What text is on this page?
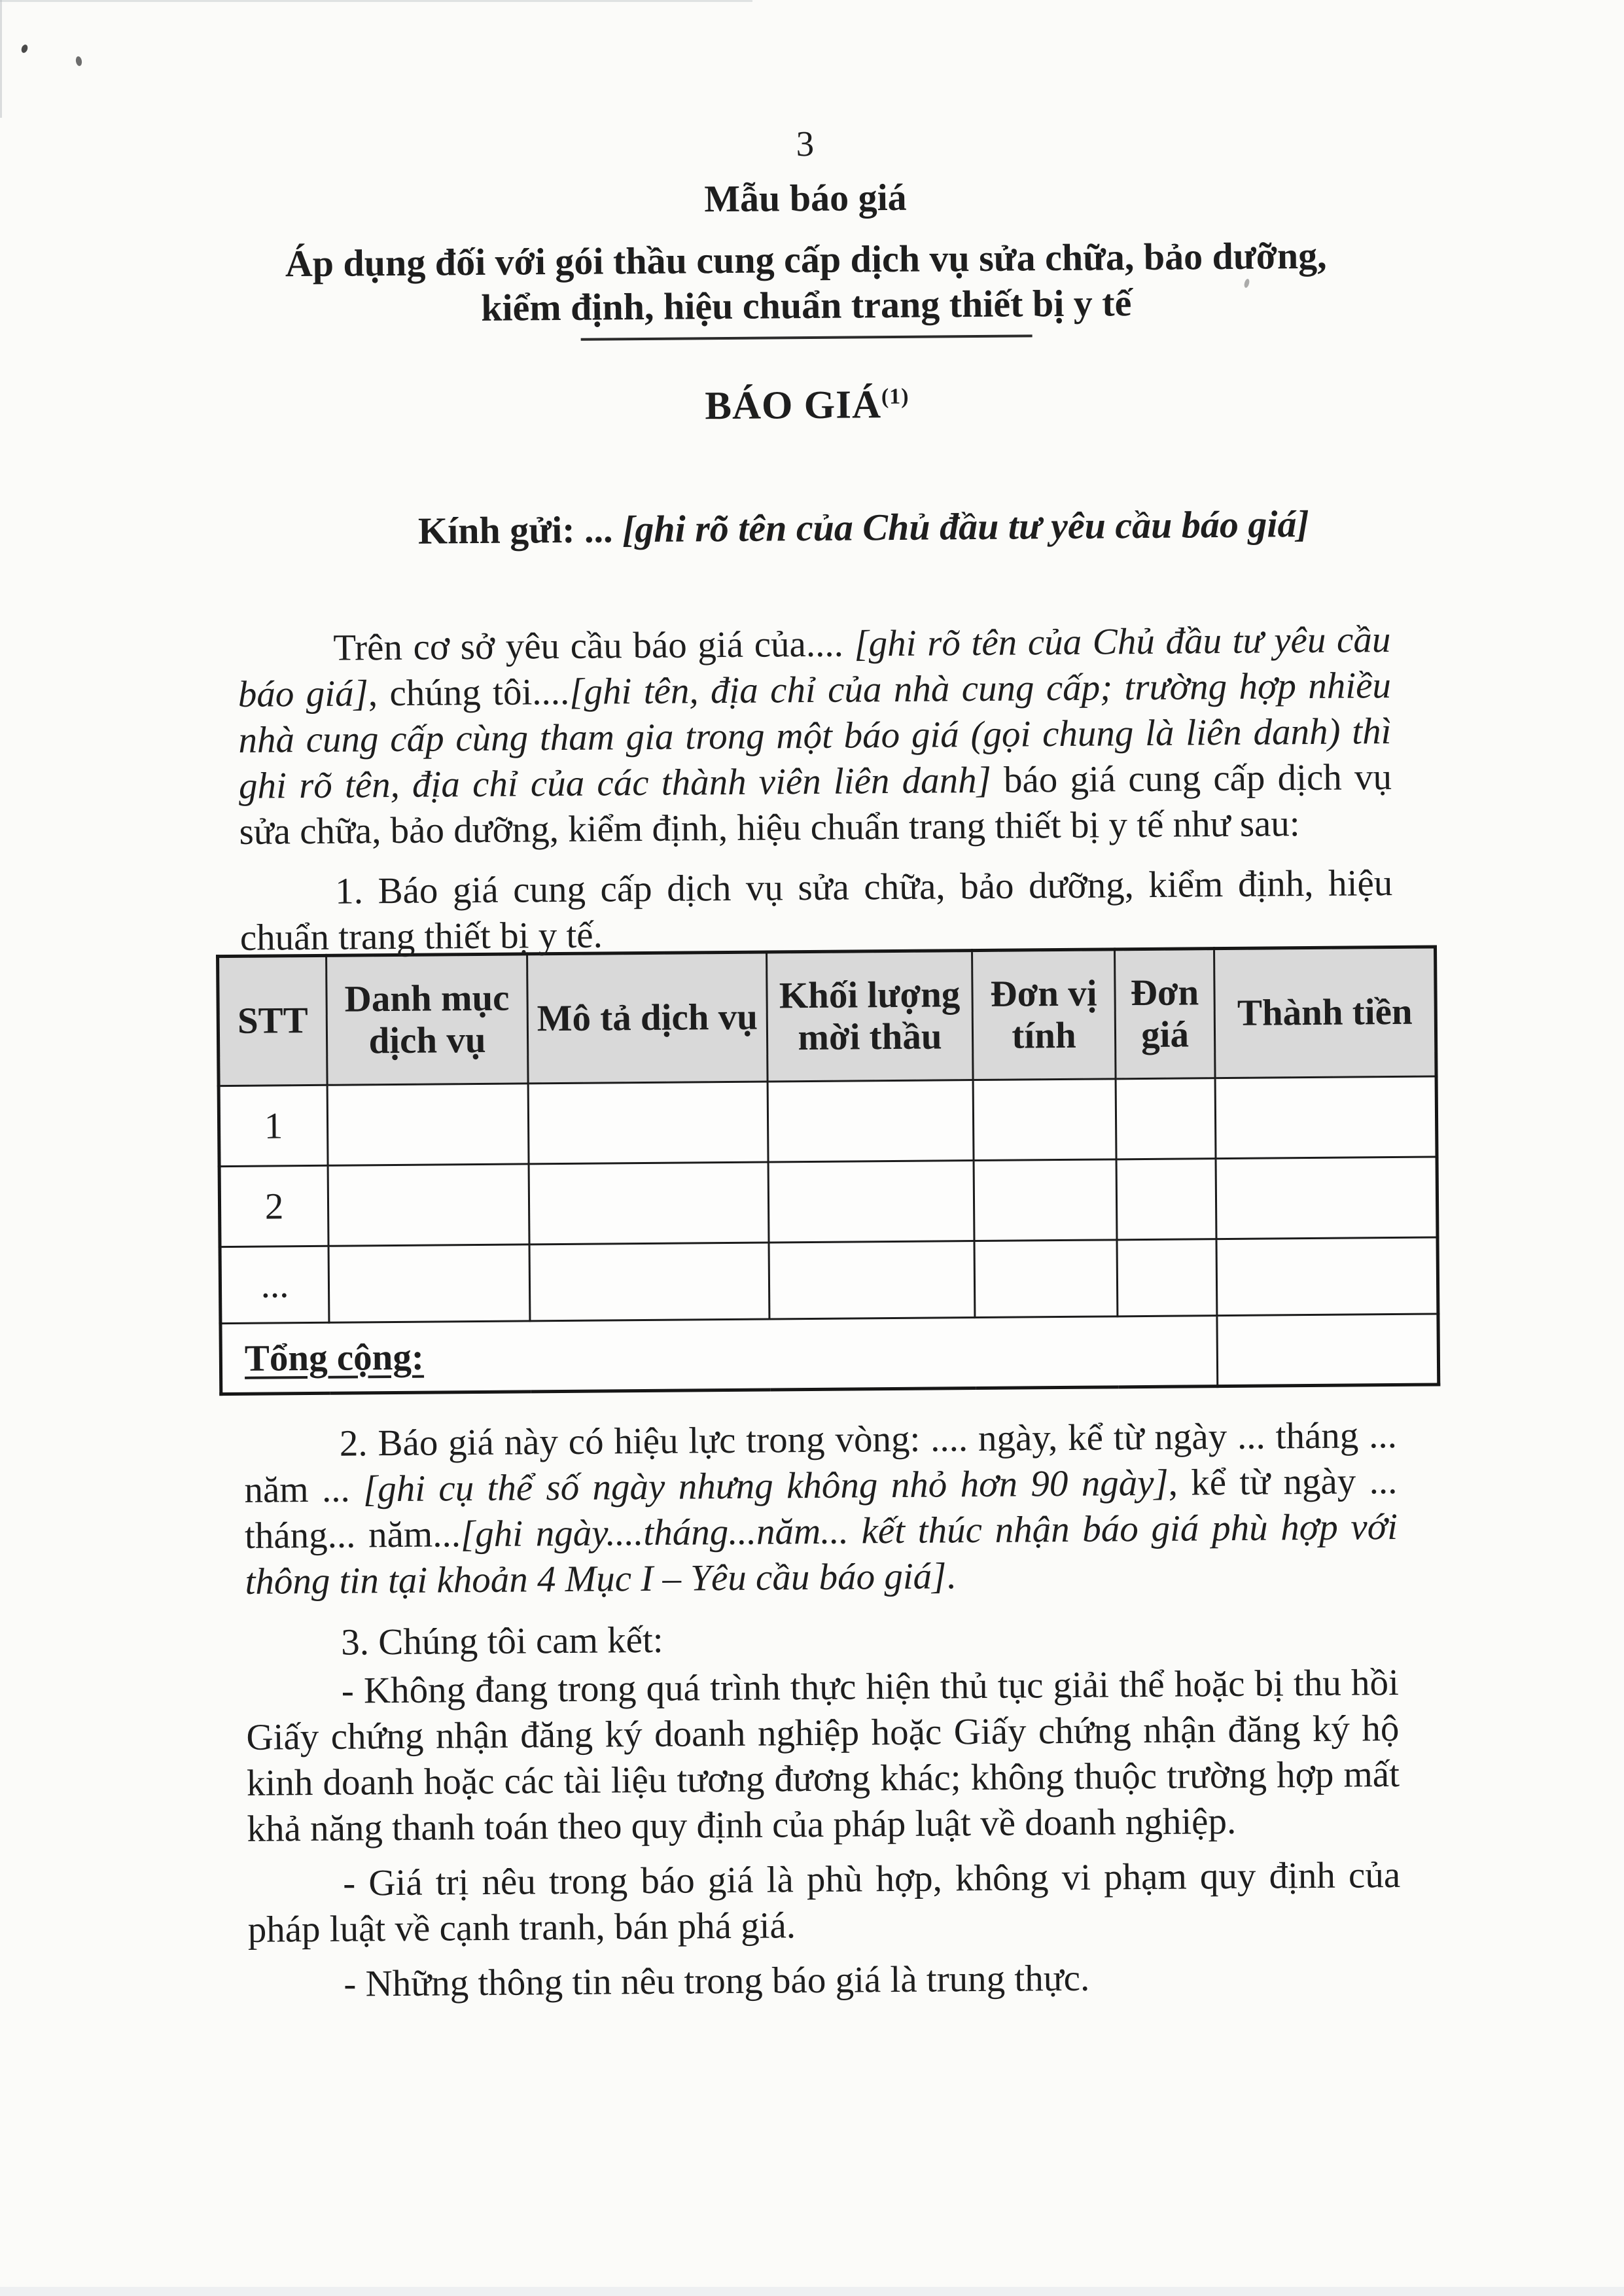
3
Mẫu báo giá
Áp dụng đối với gói thầu cung cấp dịch vụ sửa chữa, bảo dưỡng,
kiểm định, hiệu chuẩn trang thiết bị y tế
BÁO GIÁ$^{(1)}$

Kính gửi: ... [ghi rõ tên của Chủ đầu tư yêu cầu báo giá]

Trên cơ sở yêu cầu báo giá của.... [ghi rõ tên của Chủ đầu tư yêu cầu báo giá], chúng tôi....[ghi tên, địa chỉ của nhà cung cấp; trường hợp nhiều nhà cung cấp cùng tham gia trong một báo giá (gọi chung là liên danh) thì ghi rõ tên, địa chỉ của các thành viên liên danh] báo giá cung cấp dịch vụ sửa chữa, bảo dưỡng, kiểm định, hiệu chuẩn trang thiết bị y tế như sau:

1. Báo giá cung cấp dịch vụ sửa chữa, bảo dưỡng, kiểm định, hiệu chuẩn trang thiết bị y tế.

STT	Danh mục dịch vụ	Mô tả dịch vụ	Khối lượng mời thầu	Đơn vị tính	Đơn giá	Thành tiền
1						
2						
...						
Tổng cộng:						

2. Báo giá này có hiệu lực trong vòng: .... ngày, kể từ ngày ... tháng ... năm ... [ghi cụ thể số ngày nhưng không nhỏ hơn 90 ngày], kể từ ngày ... tháng... năm...[ghi ngày....tháng...năm... kết thúc nhận báo giá phù hợp với thông tin tại khoản 4 Mục I – Yêu cầu báo giá].

3. Chúng tôi cam kết:

- Không đang trong quá trình thực hiện thủ tục giải thể hoặc bị thu hồi Giấy chứng nhận đăng ký doanh nghiệp hoặc Giấy chứng nhận đăng ký hộ kinh doanh hoặc các tài liệu tương đương khác; không thuộc trường hợp mất khả năng thanh toán theo quy định của pháp luật về doanh nghiệp.

- Giá trị nêu trong báo giá là phù hợp, không vi phạm quy định của pháp luật về cạnh tranh, bán phá giá.

- Những thông tin nêu trong báo giá là trung thực.
